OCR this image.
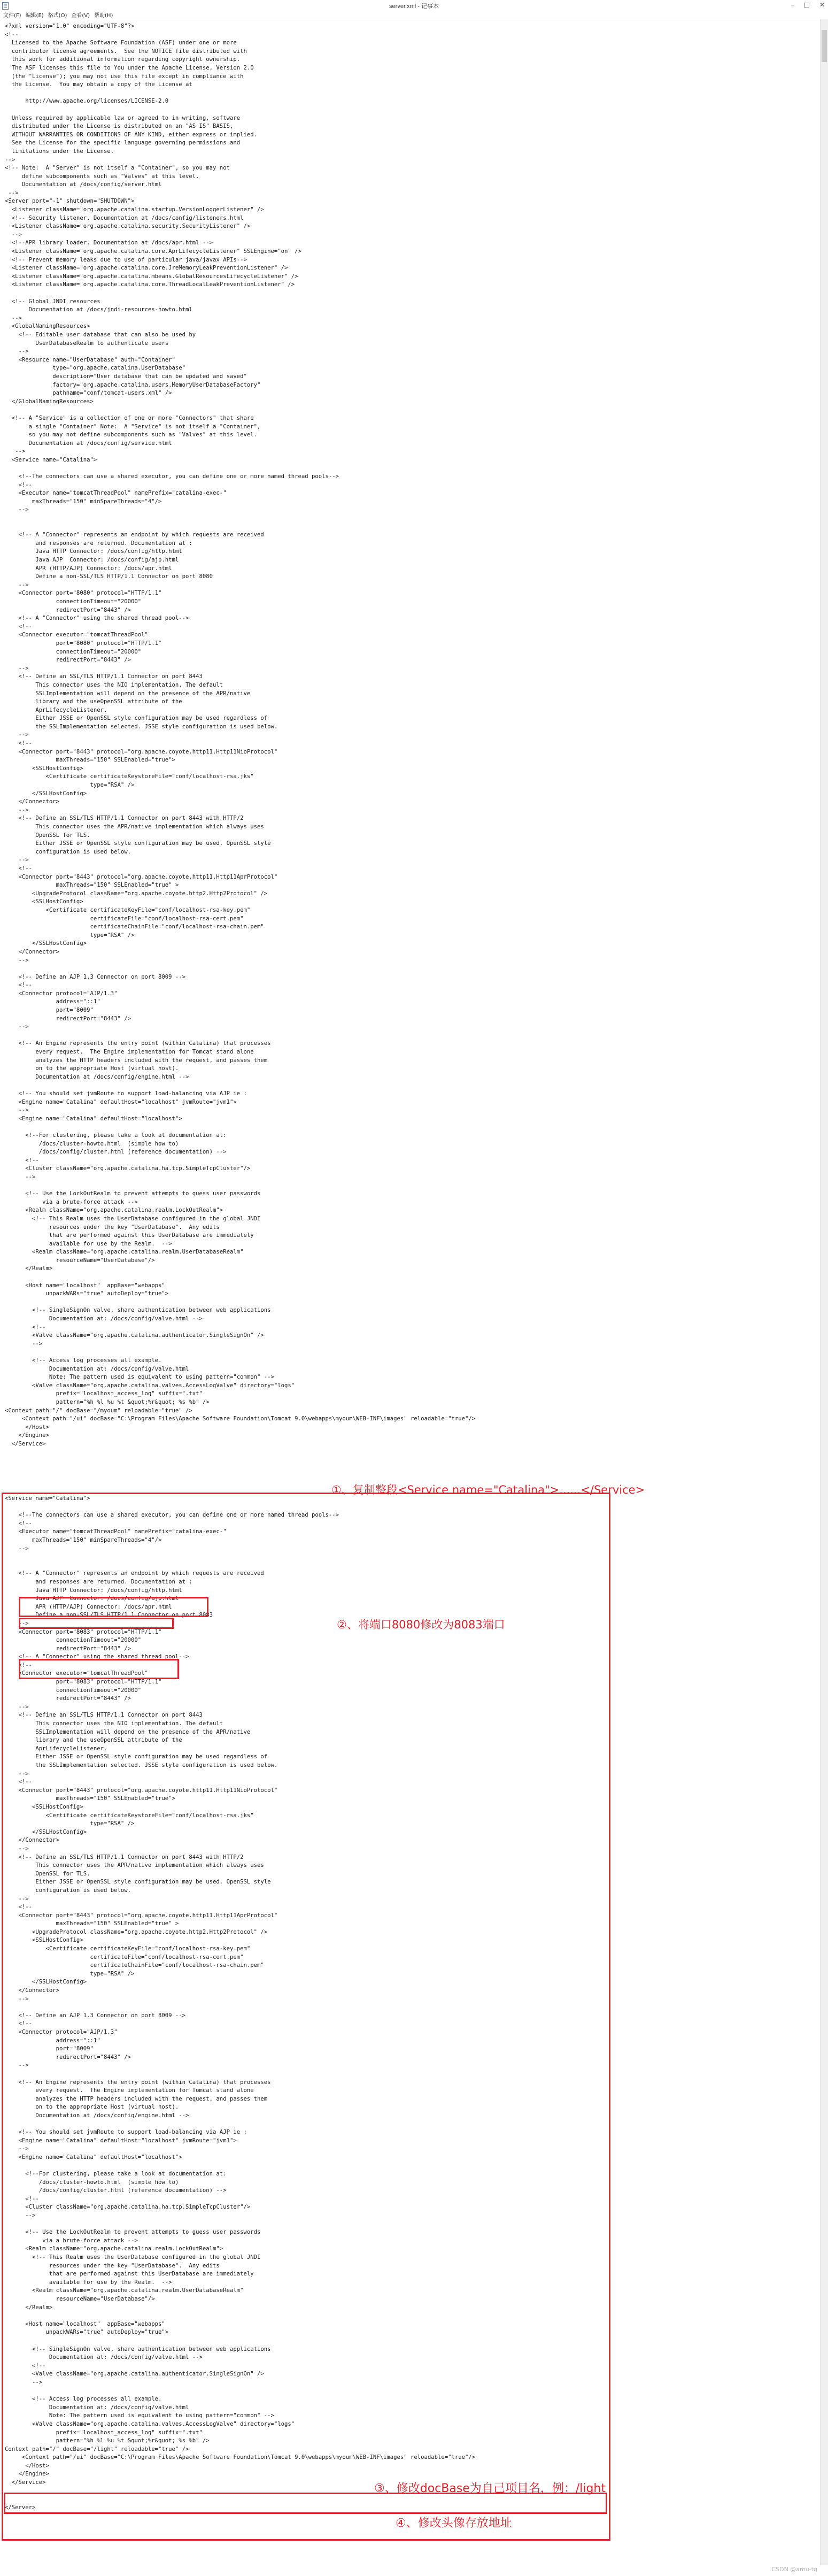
server.xml - 记事本	– □ ✕
文件(F) 编辑(E) 格式(O) 查看(V) 帮助(H)
<?xml version="1.0" encoding="UTF-8"?>
<!--
Licensed to the Apache Software Foundation (ASF) under one or more
contributor license agreements.  See the NOTICE file distributed with
this work for additional information regarding copyright ownership.
The ASF licenses this file to You under the Apache License, Version 2.0
(the "License"); you may not use this file except in compliance with
the License.  You may obtain a copy of the License at

http://www.apache.org/licenses/LICENSE-2.0

Unless required by applicable law or agreed to in writing, software
distributed under the License is distributed on an "AS IS" BASIS,
WITHOUT WARRANTIES OR CONDITIONS OF ANY KIND, either express or implied.
See the License for the specific language governing permissions and
limitations under the License.
-->
<!-- Note:  A "Server" is not itself a "Container", so you may not
define subcomponents such as "Valves" at this level.
Documentation at /docs/config/server.html
-->
<Server port="-1" shutdown="SHUTDOWN">
<Listener className="org.apache.catalina.startup.VersionLoggerListener" />
<!-- Security listener. Documentation at /docs/config/listeners.html
<Listener className="org.apache.catalina.security.SecurityListener" />
-->
<!--APR library loader. Documentation at /docs/apr.html -->
<Listener className="org.apache.catalina.core.AprLifecycleListener" SSLEngine="on" />
<!-- Prevent memory leaks due to use of particular java/javax APIs-->
<Listener className="org.apache.catalina.core.JreMemoryLeakPreventionListener" />
<Listener className="org.apache.catalina.mbeans.GlobalResourcesLifecycleListener" />
<Listener className="org.apache.catalina.core.ThreadLocalLeakPreventionListener" />

<!-- Global JNDI resources
Documentation at /docs/jndi-resources-howto.html
-->
<GlobalNamingResources>
<!-- Editable user database that can also be used by
UserDatabaseRealm to authenticate users
-->
<Resource name="UserDatabase" auth="Container"
type="org.apache.catalina.UserDatabase"
description="User database that can be updated and saved"
factory="org.apache.catalina.users.MemoryUserDatabaseFactory"
pathname="conf/tomcat-users.xml" />
</GlobalNamingResources>

<!-- A "Service" is a collection of one or more "Connectors" that share
a single "Container" Note:  A "Service" is not itself a "Container",
so you may not define subcomponents such as "Valves" at this level.
Documentation at /docs/config/service.html
-->
<Service name="Catalina">

<!--The connectors can use a shared executor, you can define one or more named thread pools-->
<!--
<Executor name="tomcatThreadPool" namePrefix="catalina-exec-"
maxThreads="150" minSpareThreads="4"/>
-->

<!-- A "Connector" represents an endpoint by which requests are received
and responses are returned. Documentation at :
Java HTTP Connector: /docs/config/http.html
Java AJP  Connector: /docs/config/ajp.html
APR (HTTP/AJP) Connector: /docs/apr.html
Define a non-SSL/TLS HTTP/1.1 Connector on port 8080
-->
<Connector port="8080" protocol="HTTP/1.1"
connectionTimeout="20000"
redirectPort="8443" />
<!-- A "Connector" using the shared thread pool-->
<!--
<Connector executor="tomcatThreadPool"
port="8080" protocol="HTTP/1.1"
connectionTimeout="20000"
redirectPort="8443" />
-->
<!-- Define an SSL/TLS HTTP/1.1 Connector on port 8443
This connector uses the NIO implementation. The default
SSLImplementation will depend on the presence of the APR/native
library and the useOpenSSL attribute of the
AprLifecycleListener.
Either JSSE or OpenSSL style configuration may be used regardless of
the SSLImplementation selected. JSSE style configuration is used below.
-->
<!--
<Connector port="8443" protocol="org.apache.coyote.http11.Http11NioProtocol"
maxThreads="150" SSLEnabled="true">
<SSLHostConfig>
<Certificate certificateKeystoreFile="conf/localhost-rsa.jks"
type="RSA" />
</SSLHostConfig>
</Connector>
-->
<!-- Define an SSL/TLS HTTP/1.1 Connector on port 8443 with HTTP/2
This connector uses the APR/native implementation which always uses
OpenSSL for TLS.
Either JSSE or OpenSSL style configuration may be used. OpenSSL style
configuration is used below.
-->
<!--
<Connector port="8443" protocol="org.apache.coyote.http11.Http11AprProtocol"
maxThreads="150" SSLEnabled="true" >
<UpgradeProtocol className="org.apache.coyote.http2.Http2Protocol" />
<SSLHostConfig>
<Certificate certificateKeyFile="conf/localhost-rsa-key.pem"
certificateFile="conf/localhost-rsa-cert.pem"
certificateChainFile="conf/localhost-rsa-chain.pem"
type="RSA" />
</SSLHostConfig>
</Connector>
-->

<!-- Define an AJP 1.3 Connector on port 8009 -->
<!--
<Connector protocol="AJP/1.3"
address="::1"
port="8009"
redirectPort="8443" />
-->

<!-- An Engine represents the entry point (within Catalina) that processes
every request.  The Engine implementation for Tomcat stand alone
analyzes the HTTP headers included with the request, and passes them
on to the appropriate Host (virtual host).
Documentation at /docs/config/engine.html -->

<!-- You should set jvmRoute to support load-balancing via AJP ie :
<Engine name="Catalina" defaultHost="localhost" jvmRoute="jvm1">
-->
<Engine name="Catalina" defaultHost="localhost">

<!--For clustering, please take a look at documentation at:
/docs/cluster-howto.html  (simple how to)
/docs/config/cluster.html (reference documentation) -->
<!--
<Cluster className="org.apache.catalina.ha.tcp.SimpleTcpCluster"/>
-->

<!-- Use the LockOutRealm to prevent attempts to guess user passwords
via a brute-force attack -->
<Realm className="org.apache.catalina.realm.LockOutRealm">
<!-- This Realm uses the UserDatabase configured in the global JNDI
resources under the key "UserDatabase".  Any edits
that are performed against this UserDatabase are immediately
available for use by the Realm.  -->
<Realm className="org.apache.catalina.realm.UserDatabaseRealm"
resourceName="UserDatabase"/>
</Realm>

<Host name="localhost"  appBase="webapps"
unpackWARs="true" autoDeploy="true">

<!-- SingleSignOn valve, share authentication between web applications
Documentation at: /docs/config/valve.html -->
<!--
<Valve className="org.apache.catalina.authenticator.SingleSignOn" />
-->

<!-- Access log processes all example.
Documentation at: /docs/config/valve.html
Note: The pattern used is equivalent to using pattern="common" -->
<Valve className="org.apache.catalina.valves.AccessLogValve" directory="logs"
prefix="localhost_access_log" suffix=".txt"
pattern="%h %l %u %t &quot;%r&quot; %s %b" />
<Context path="/" docBase="/myoum" reloadable="true" />
<Context path="/ui" docBase="C:\Program Files\Apache Software Foundation\Tomcat 9.0\webapps\myoum\WEB-INF\images" reloadable="true"/>
</Host>
</Engine>
</Service>
①、复制整段<Service name="Catalina">......</Service>
<Service name="Catalina">

<!--The connectors can use a shared executor, you can define one or more named thread pools-->
<!--
<Executor name="tomcatThreadPool" namePrefix="catalina-exec-"
maxThreads="150" minSpareThreads="4"/>
-->

<!-- A "Connector" represents an endpoint by which requests are received
and responses are returned. Documentation at :
Java HTTP Connector: /docs/config/http.html
Java AJP  Connector: /docs/config/ajp.html
APR (HTTP/AJP) Connector: /docs/apr.html
Define a non-SSL/TLS HTTP/1.1 Connector on port 8083
-->
<Connector port="8083" protocol="HTTP/1.1"
connectionTimeout="20000"
redirectPort="8443" />
<!-- A "Connector" using the shared thread pool-->
<!--
<Connector executor="tomcatThreadPool"
port="8083" protocol="HTTP/1.1"
connectionTimeout="20000"
redirectPort="8443" />
-->
<!-- Define an SSL/TLS HTTP/1.1 Connector on port 8443
This connector uses the NIO implementation. The default
SSLImplementation will depend on the presence of the APR/native
library and the useOpenSSL attribute of the
AprLifecycleListener.
Either JSSE or OpenSSL style configuration may be used regardless of
the SSLImplementation selected. JSSE style configuration is used below.
-->
<!--
<Connector port="8443" protocol="org.apache.coyote.http11.Http11NioProtocol"
maxThreads="150" SSLEnabled="true">
<SSLHostConfig>
<Certificate certificateKeystoreFile="conf/localhost-rsa.jks"
type="RSA" />
</SSLHostConfig>
</Connector>
-->
<!-- Define an SSL/TLS HTTP/1.1 Connector on port 8443 with HTTP/2
This connector uses the APR/native implementation which always uses
OpenSSL for TLS.
Either JSSE or OpenSSL style configuration may be used. OpenSSL style
configuration is used below.
-->
<!--
<Connector port="8443" protocol="org.apache.coyote.http11.Http11AprProtocol"
maxThreads="150" SSLEnabled="true" >
<UpgradeProtocol className="org.apache.coyote.http2.Http2Protocol" />
<SSLHostConfig>
<Certificate certificateKeyFile="conf/localhost-rsa-key.pem"
certificateFile="conf/localhost-rsa-cert.pem"
certificateChainFile="conf/localhost-rsa-chain.pem"
type="RSA" />
</SSLHostConfig>
</Connector>
-->

<!-- Define an AJP 1.3 Connector on port 8009 -->
<!--
<Connector protocol="AJP/1.3"
address="::1"
port="8009"
redirectPort="8443" />
-->

<!-- An Engine represents the entry point (within Catalina) that processes
every request.  The Engine implementation for Tomcat stand alone
analyzes the HTTP headers included with the request, and passes them
on to the appropriate Host (virtual host).
Documentation at /docs/config/engine.html -->

<!-- You should set jvmRoute to support load-balancing via AJP ie :
<Engine name="Catalina" defaultHost="localhost" jvmRoute="jvm1">
-->
<Engine name="Catalina" defaultHost="localhost">

<!--For clustering, please take a look at documentation at:
/docs/cluster-howto.html  (simple how to)
/docs/config/cluster.html (reference documentation) -->
<!--
<Cluster className="org.apache.catalina.ha.tcp.SimpleTcpCluster"/>
-->

<!-- Use the LockOutRealm to prevent attempts to guess user passwords
via a brute-force attack -->
<Realm className="org.apache.catalina.realm.LockOutRealm">
<!-- This Realm uses the UserDatabase configured in the global JNDI
resources under the key "UserDatabase".  Any edits
that are performed against this UserDatabase are immediately
available for use by the Realm.  -->
<Realm className="org.apache.catalina.realm.UserDatabaseRealm"
resourceName="UserDatabase"/>
</Realm>

<Host name="localhost"  appBase="webapps"
unpackWARs="true" autoDeploy="true">

<!-- SingleSignOn valve, share authentication between web applications
Documentation at: /docs/config/valve.html -->
<!--
<Valve className="org.apache.catalina.authenticator.SingleSignOn" />
-->

<!-- Access log processes all example.
Documentation at: /docs/config/valve.html
Note: The pattern used is equivalent to using pattern="common" -->
<Valve className="org.apache.catalina.valves.AccessLogValve" directory="logs"
prefix="localhost_access_log" suffix=".txt"
pattern="%h %l %u %t &quot;%r&quot; %s %b" />
Context path="/" docBase="/light" reloadable="true" />
<Context path="/ui" docBase="C:\Program Files\Apache Software Foundation\Tomcat 9.0\webapps\myoum\WEB-INF\images" reloadable="true"/>
</Host>
</Engine>
</Service>

</Server>
②、将端口8080修改为8083端口
③、修改docBase为自己项目名，例：/light
④、修改头像存放地址
CSDN @amu-tg
